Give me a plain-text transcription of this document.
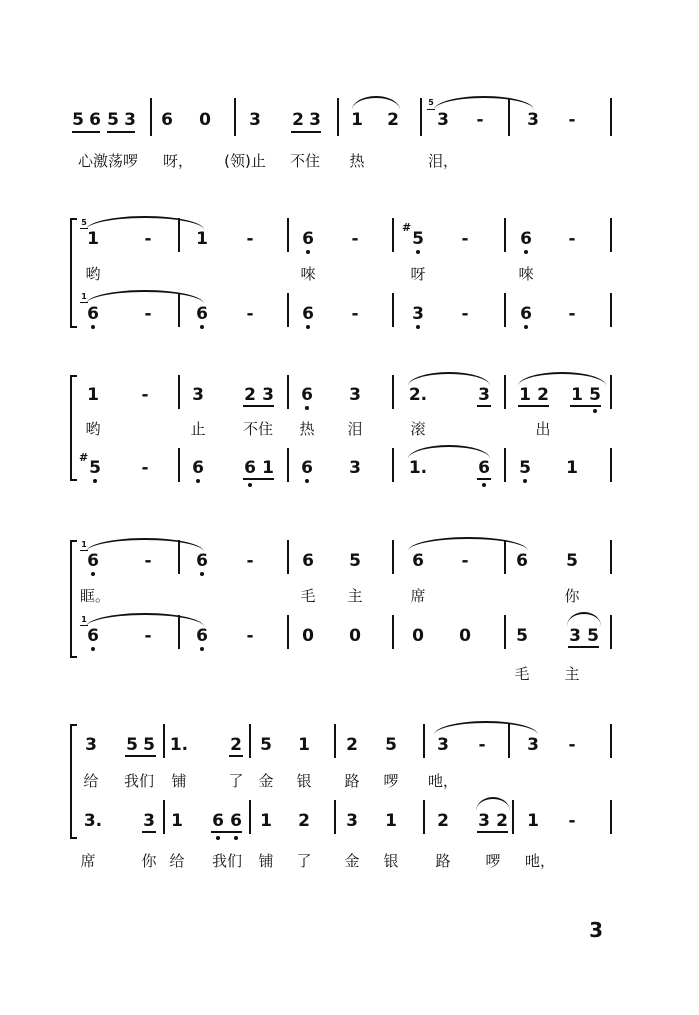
5 6 5 3 6 0 3 2 3 1 2
5
3 -	3 -
心激荡啰 呀， (领)止 不住 热	泪，
5
1	-	1 -	6 -
#
5 -	6 -
哟	唻	呀	唻
1
6	-	6 -	6 -	3 -	6 -
1	-	3 2 3 6 3	2.	3 1 2 1 5
哟	止 不住 热 泪	滚	出
#
5 -	6 6 1 6 3	1.	6 5 1
1
6	-	6 -	6 5	6 -	6 5
眶。	毛 主	席	你
1
6	-	6 -	0 0	0 0	5 3 5
毛 主
3 5 5 1. 2 5 1 2 5 3 - 3 -
给 我们 铺	了 金 银 路 啰 吔，
3. 3 1 6 6 1 2 3 1 2 3 2 1 -
席	你 给 我们 铺 了 金 银 路 啰 吔，
3
